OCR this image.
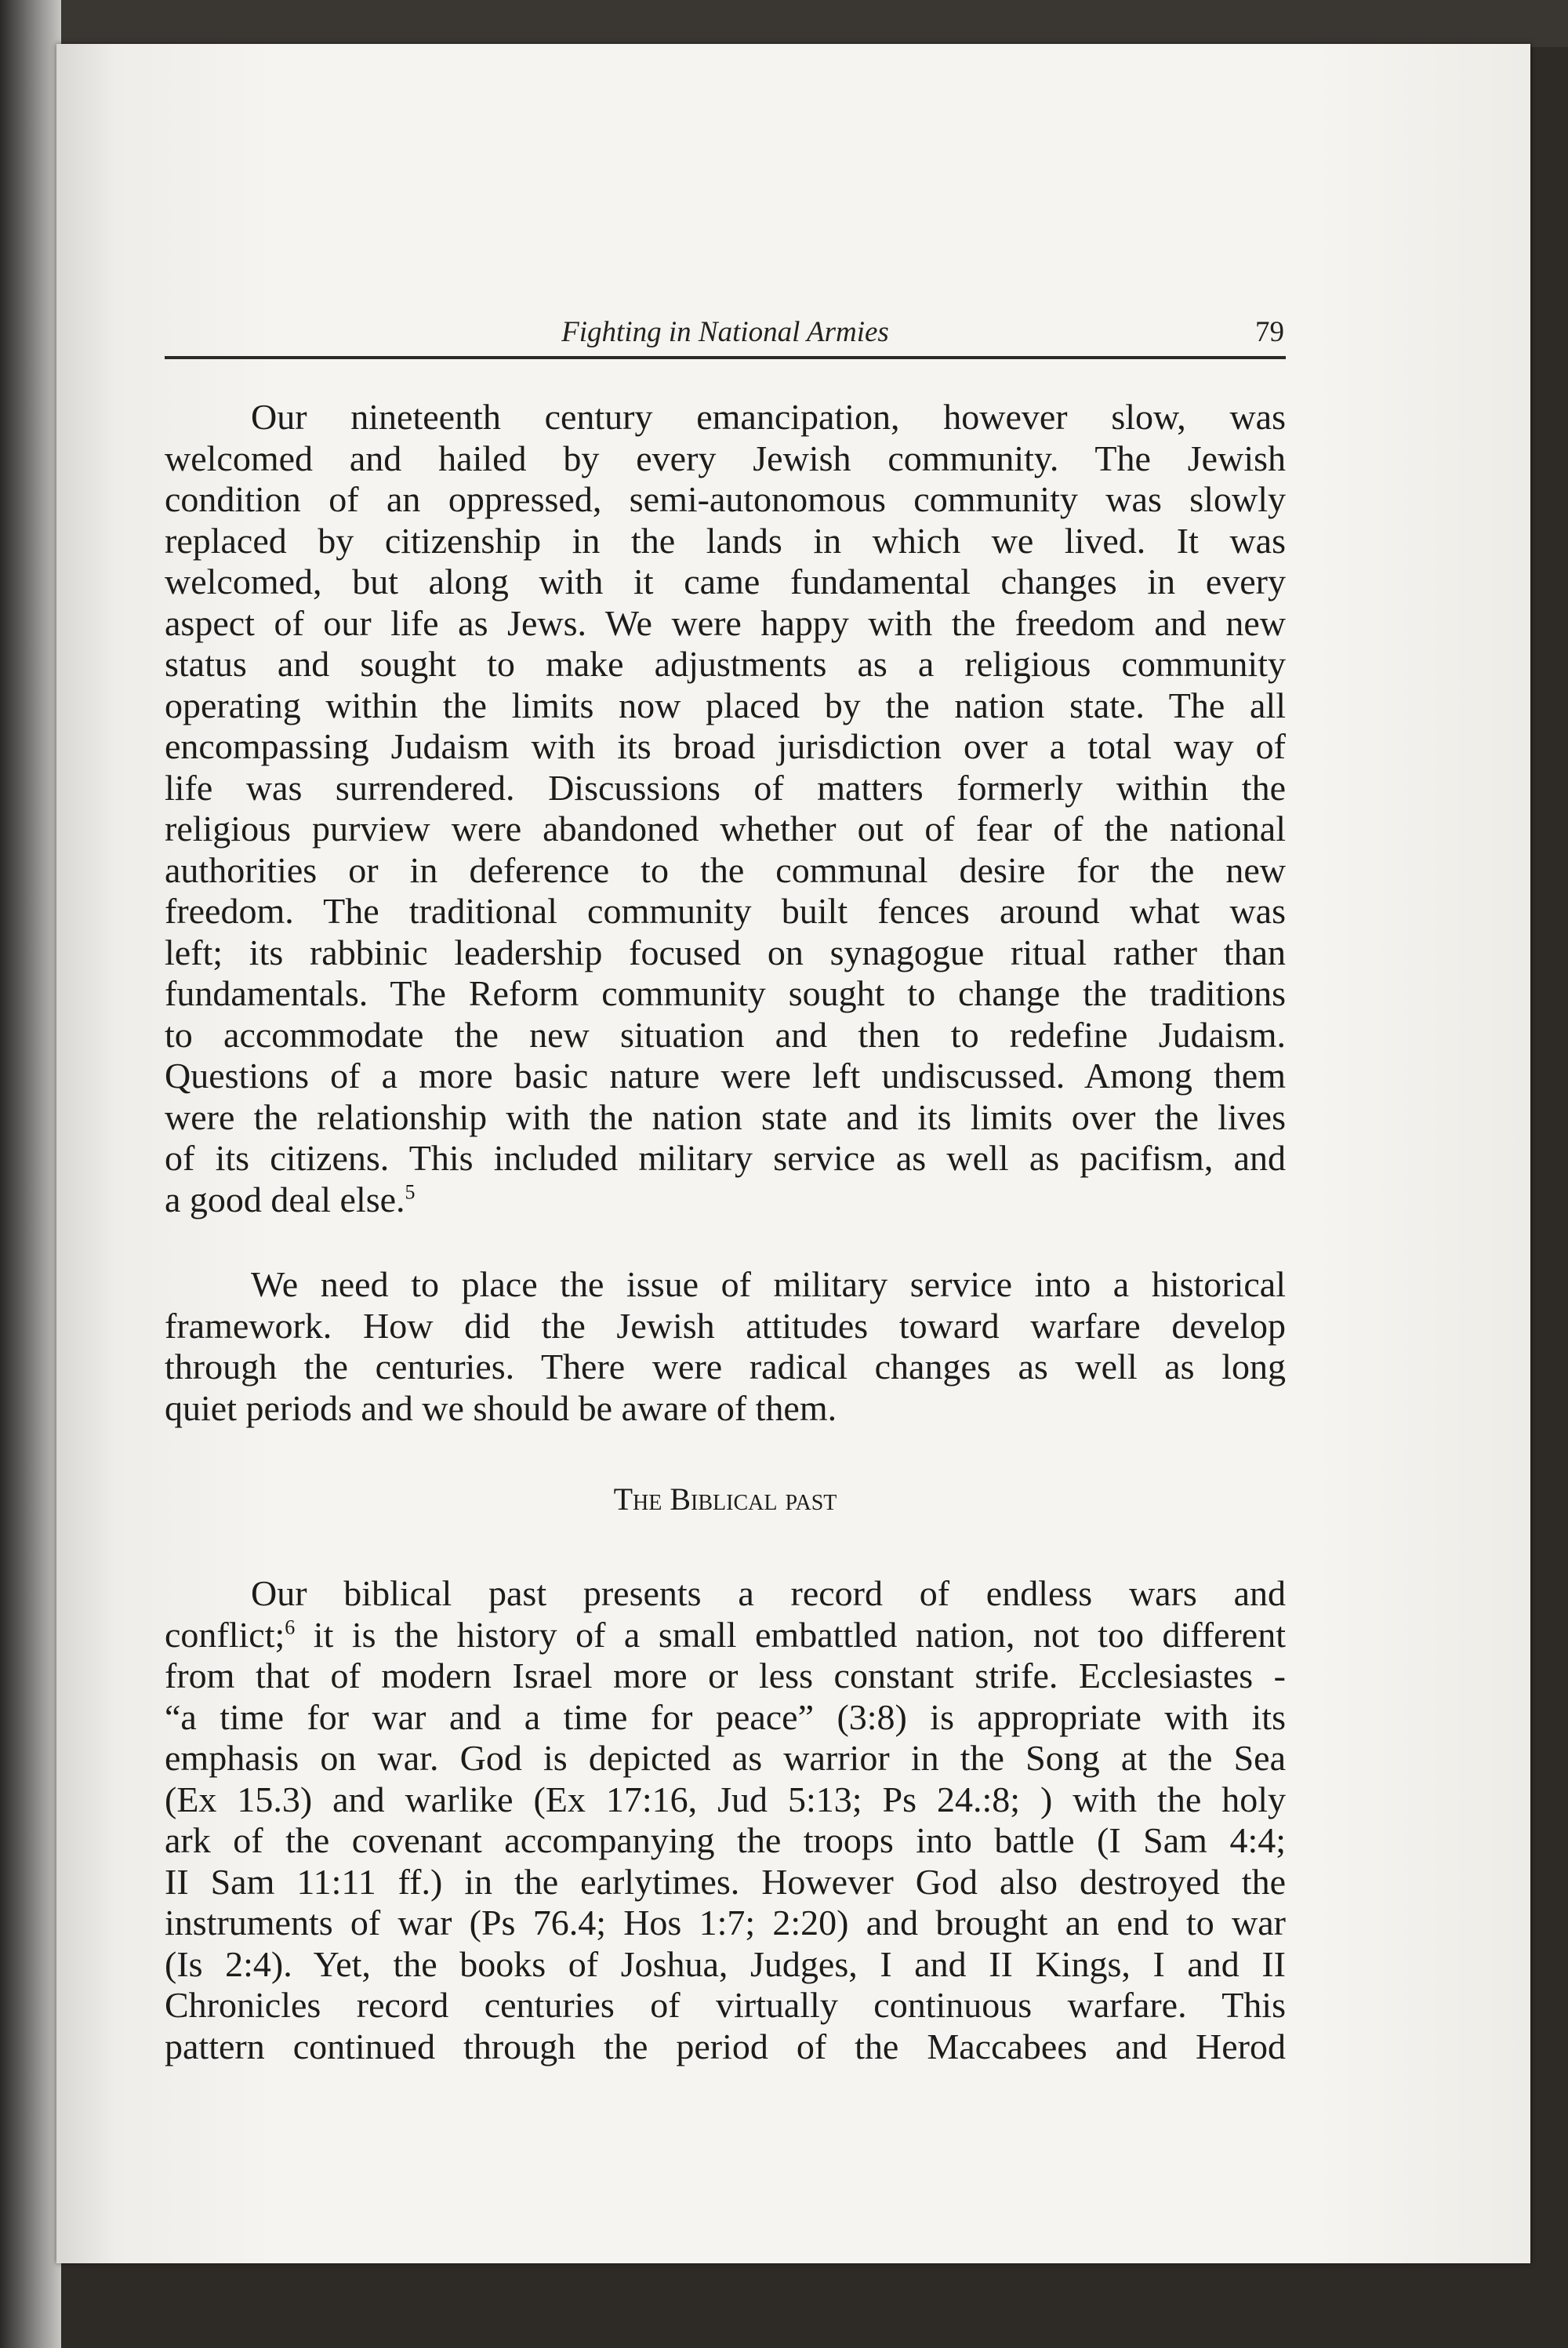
Fighting in National Armies	79
Our nineteenth century emancipation, however slow, was
welcomed and hailed by every Jewish community. The Jewish
condition of an oppressed, semi-autonomous community was slowly
replaced by citizenship in the lands in which we lived. It was
welcomed, but along with it came fundamental changes in every
aspect of our life as Jews. We were happy with the freedom and new
status and sought to make adjustments as a religious community
operating within the limits now placed by the nation state. The all
encompassing Judaism with its broad jurisdiction over a total way of
life was surrendered. Discussions of matters formerly within the
religious purview were abandoned whether out of fear of the national
authorities or in deference to the communal desire for the new
freedom. The traditional community built fences around what was
left; its rabbinic leadership focused on synagogue ritual rather than
fundamentals. The Reform community sought to change the traditions
to accommodate the new situation and then to redefine Judaism.
Questions of a more basic nature were left undiscussed. Among them
were the relationship with the nation state and its limits over the lives
of its citizens. This included military service as well as pacifism, and
a good deal else.$^5$
We need to place the issue of military service into a historical
framework. How did the Jewish attitudes toward warfare develop
through the centuries. There were radical changes as well as long
quiet periods and we should be aware of them.
The Biblical past
Our biblical past presents a record of endless wars and
conflict;$^6$ it is the history of a small embattled nation, not too different
from that of modern Israel more or less constant strife. Ecclesiastes -
“a time for war and a time for peace” (3:8) is appropriate with its
emphasis on war. God is depicted as warrior in the Song at the Sea
(Ex 15.3) and warlike (Ex 17:16, Jud 5:13; Ps 24.:8; ) with the holy
ark of the covenant accompanying the troops into battle (I Sam 4:4;
II Sam 11:11 ff.) in the earlytimes. However God also destroyed the
instruments of war (Ps 76.4; Hos 1:7; 2:20) and brought an end to war
(Is 2:4). Yet, the books of Joshua, Judges, I and II Kings, I and II
Chronicles record centuries of virtually continuous warfare. This
pattern continued through the period of the Maccabees and Herod
